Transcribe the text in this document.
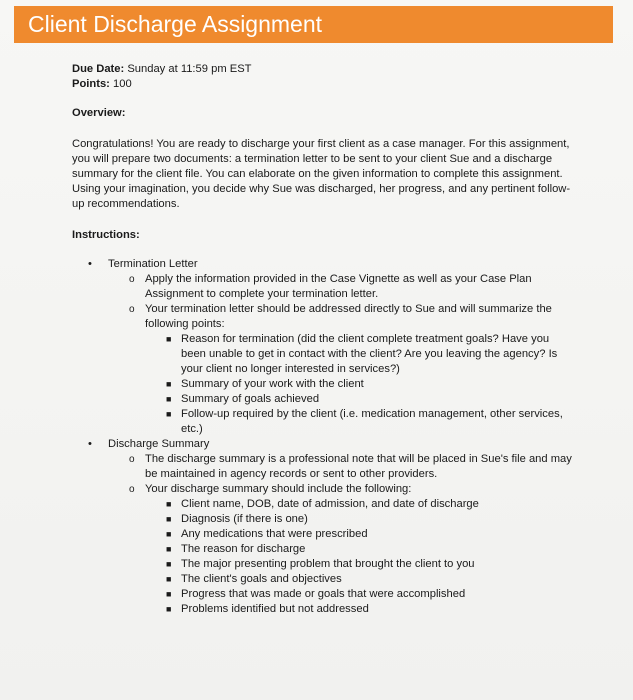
Client Discharge Assignment
Due Date: Sunday at 11:59 pm EST
Points: 100
Overview:
Congratulations! You are ready to discharge your first client as a case manager. For this assignment, you will prepare two documents: a termination letter to be sent to your client Sue and a discharge summary for the client file. You can elaborate on the given information to complete this assignment. Using your imagination, you decide why Sue was discharged, her progress, and any pertinent follow-up recommendations.
Instructions:
• Termination Letter
o Apply the information provided in the Case Vignette as well as your Case Plan Assignment to complete your termination letter.
o Your termination letter should be addressed directly to Sue and will summarize the following points:
■ Reason for termination (did the client complete treatment goals? Have you been unable to get in contact with the client? Are you leaving the agency? Is your client no longer interested in services?)
■ Summary of your work with the client
■ Summary of goals achieved
■ Follow-up required by the client (i.e. medication management, other services, etc.)
• Discharge Summary
o The discharge summary is a professional note that will be placed in Sue's file and may be maintained in agency records or sent to other providers.
o Your discharge summary should include the following:
■ Client name, DOB, date of admission, and date of discharge
■ Diagnosis (if there is one)
■ Any medications that were prescribed
■ The reason for discharge
■ The major presenting problem that brought the client to you
■ The client's goals and objectives
■ Progress that was made or goals that were accomplished
■ Problems identified but not addressed
